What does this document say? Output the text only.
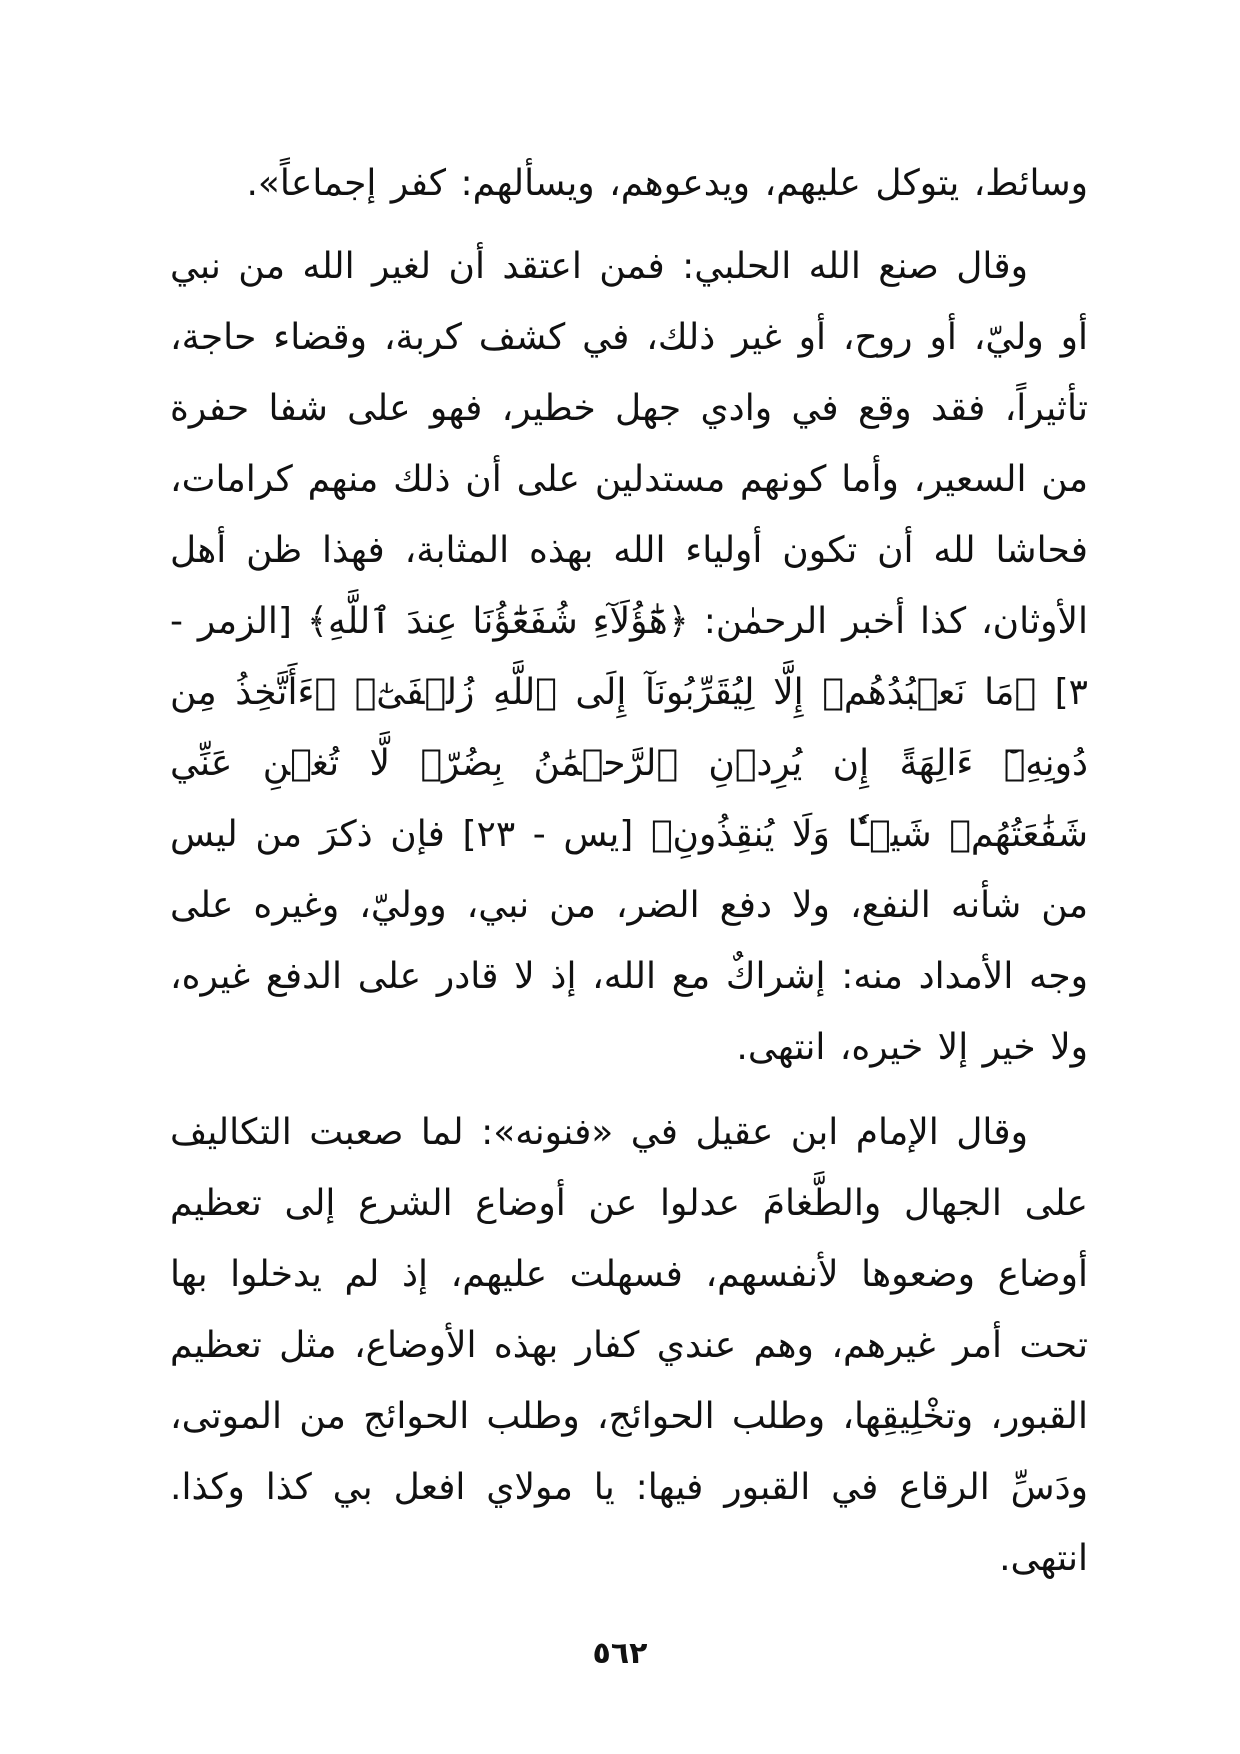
وسائط، يتوكل عليهم، ويدعوهم، ويسألهم: كفر إجماعاً».

وقال صنع الله الحلبي: فمن اعتقد أن لغير الله من نبي أو وليّ، أو روح، أو غير ذلك، في كشف كربة، وقضاء حاجة، تأثيراً، فقد وقع في وادي جهل خطير، فهو على شفا حفرة من السعير، وأما كونهم مستدلين على أن ذلك منهم كرامات، فحاشا لله أن تكون أولياء الله بهذه المثابة، فهذا ظن أهل الأوثان، كذا أخبر الرحمٰن: ﴿هَٰٓؤُلَآءِ شُفَعَٰٓؤُنَا عِندَ ٱللَّهِ﴾ [الزمر - ٣] ﴿مَا نَعۡبُدُهُمۡ إِلَّا لِيُقَرِّبُونَآ إِلَى ٱللَّهِ زُلۡفَىٰٓ﴾ ﴿ءَأَتَّخِذُ مِن دُونِهِۦٓ ءَالِهَةً إِن يُرِدۡنِ ٱلرَّحۡمَٰنُ بِضُرّٖ لَّا تُغۡنِ عَنِّي شَفَٰعَتُهُمۡ شَيۡـٔٗا وَلَا يُنقِذُونِ﴾ [يس - ٢٣] فإن ذكرَ من ليس من شأنه النفع، ولا دفع الضر، من نبي، ووليّ، وغيره على وجه الأمداد منه: إشراكٌ مع الله، إذ لا قادر على الدفع غيره، ولا خير إلا خيره، انتهى.

وقال الإمام ابن عقيل في «فنونه»: لما صعبت التكاليف على الجهال والطَّغامَ عدلوا عن أوضاع الشرع إلى تعظيم أوضاع وضعوها لأنفسهم، فسهلت عليهم، إذ لم يدخلوا بها تحت أمر غيرهم، وهم عندي كفار بهذه الأوضاع، مثل تعظيم القبور، وتخْلِيقِها، وطلب الحوائج، وطلب الحوائج من الموتى، ودَسِّ الرقاع في القبور فيها: يا مولاي افعل بي كذا وكذا. انتهى.

٥٦٢
